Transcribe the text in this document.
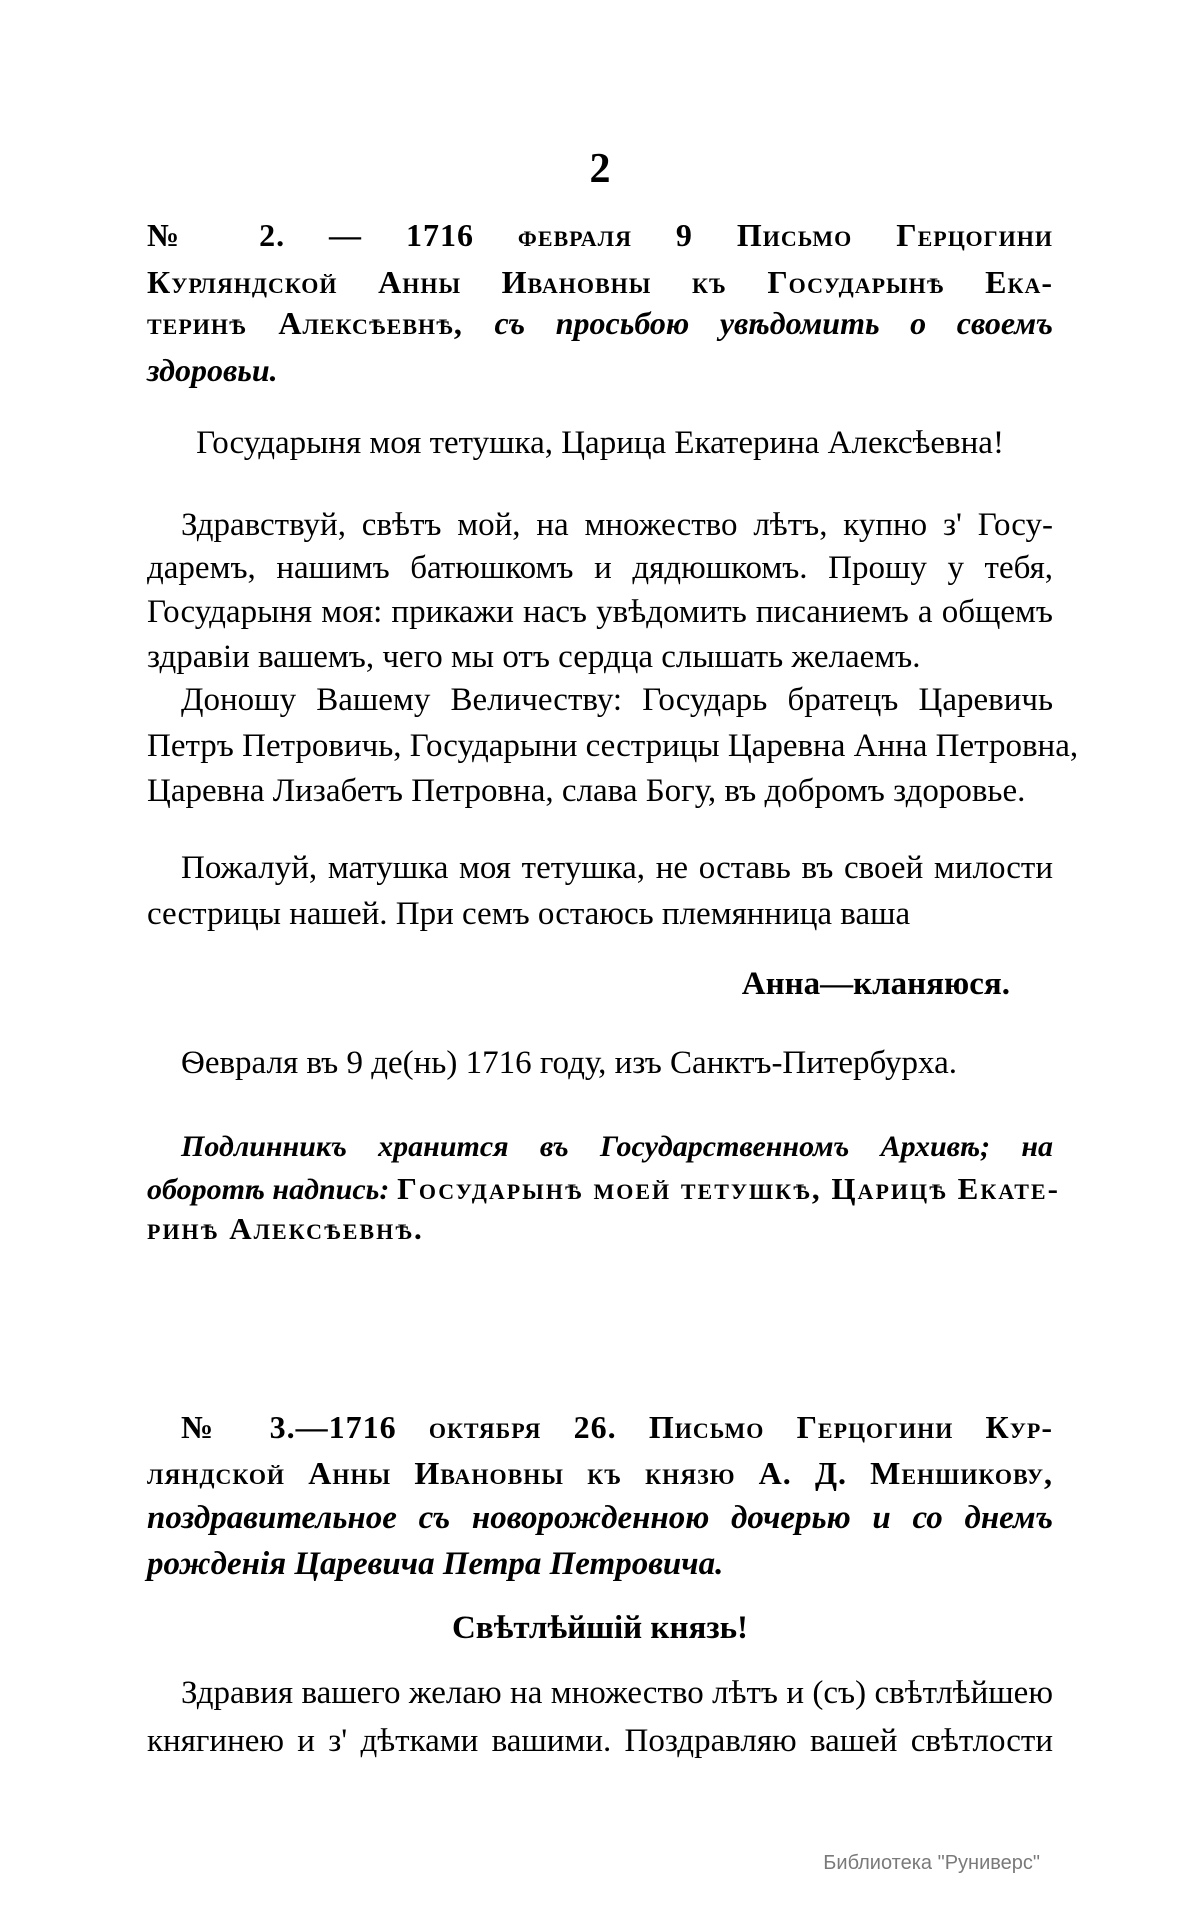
2
№ 2. — 1716 февраля 9 Письмо Герцогини
Курляндской Анны Ивановны къ Государынѣ Ека-
теринѣ Алексѣевнѣ, съ просьбою увѣдомить о своемъ
здоровьи.
Государыня моя тетушка, Царица Екатерина Алексѣевна!
Здравствуй, свѣтъ мой, на множество лѣтъ, купно з' Госу-
даремъ, нашимъ батюшкомъ и дядюшкомъ. Прошу у тебя,
Государыня моя: прикажи насъ увѣдомить писаниемъ а общемъ
здравiи вашемъ, чего мы отъ сердца слышать желаемъ.
Доношу Вашему Величеству: Государь братецъ Царевичь
Петръ Петровичь, Государыни сестрицы Царевна Анна Петровна,
Царевна Лизабетъ Петровна, слава Богу, въ добромъ здоровье.
Пожалуй, матушка моя тетушка, не оставь въ своей милости
сестрицы нашей. При семъ остаюсь племянница ваша
Анна—кланяюся.
Ѳевраля въ 9 де(нь) 1716 году, изъ Санктъ-Питербурха.
Подлинникъ хранится въ Государственномъ Архивѣ; на
оборотѣ надпись: Государынѣ моей тетушкѣ, Царицѣ Екате-
ринѣ Алексѣевнѣ.
№ 3.—1716 октября 26. Письмо Герцогини Кур-
ляндской Анны Ивановны къ князю А. Д. Меншикову,
поздравительное съ новорожденною дочерью и со днемъ
рожденiя Царевича Петра Петровича.
Свѣтлѣйшiй князь!
Здравия вашего желаю на множество лѣтъ и (съ) свѣтлѣйшею
княгинею и з' дѣтками вашими. Поздравляю вашей свѣтлости
Библиотека "Руниверс"
